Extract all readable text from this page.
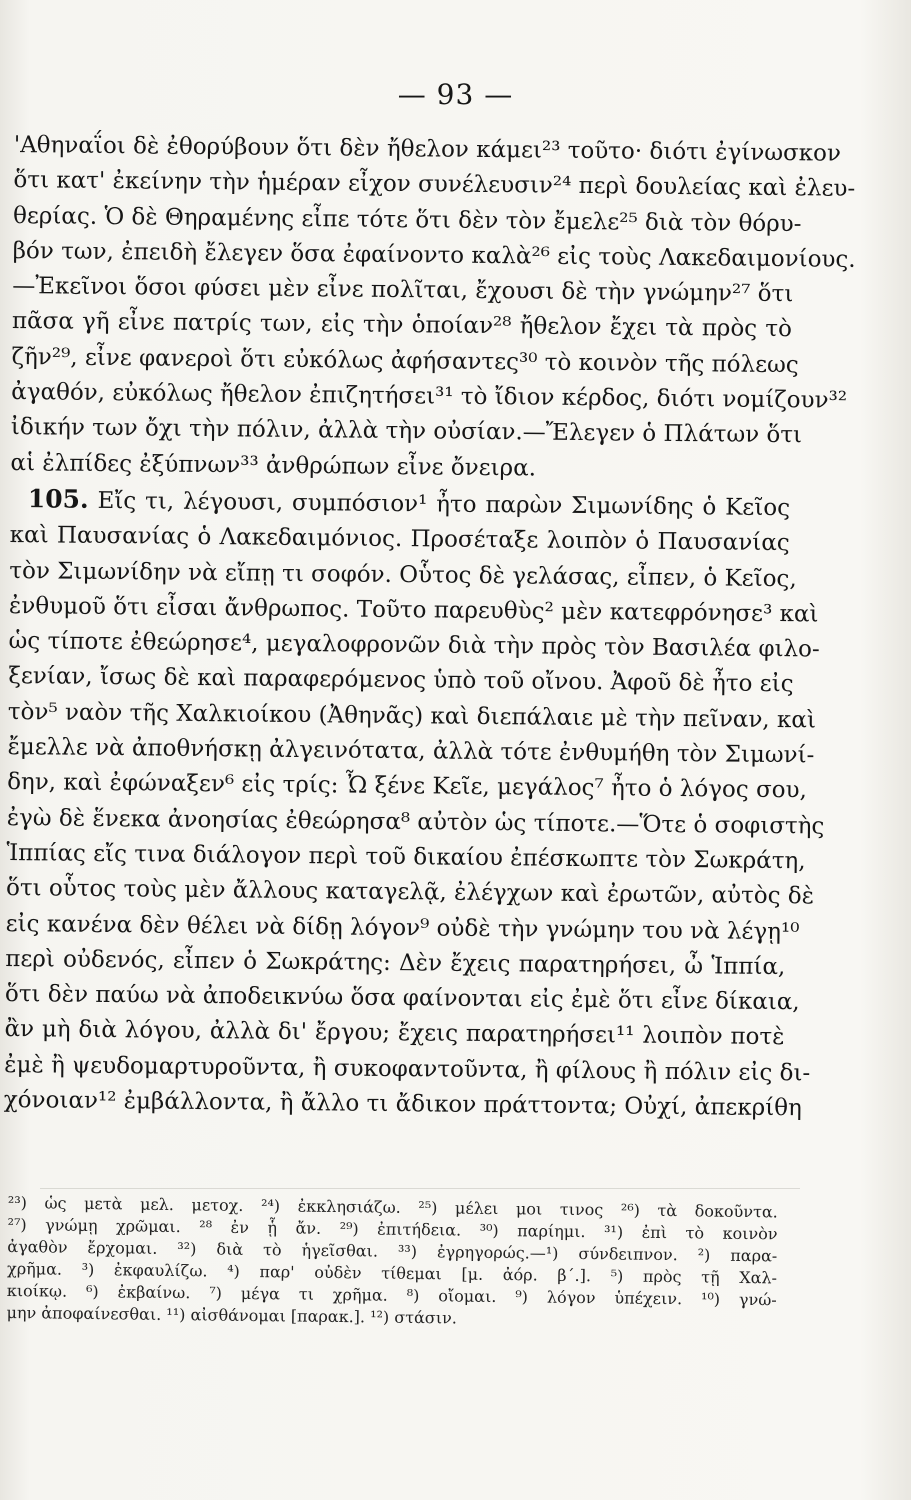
— 93 —
'Αθηναΐοι δὲ ἐθορύβουν ὅτι δὲν ἤθελον κάμει²³ τοῦτο· διότι ἐγίνωσκον
ὅτι κατ' ἐκείνην τὴν ἡμέραν εἶχον συνέλευσιν²⁴ περὶ δουλείας καὶ ἐλευ-
θερίας. Ὁ δὲ Θηραμένης εἶπε τότε ὅτι δὲν τὸν ἔμελε²⁵ διὰ τὸν θόρυ-
βόν των, ἐπειδὴ ἔλεγεν ὅσα ἐφαίνοντο καλὰ²⁶ εἰς τοὺς Λακεδαιμονίους.
—Ἐκεῖνοι ὅσοι φύσει μὲν εἶνε πολῖται, ἔχουσι δὲ τὴν γνώμην²⁷ ὅτι
πᾶσα γῆ εἶνε πατρίς των, εἰς τὴν ὁποίαν²⁸ ἤθελον ἔχει τὰ πρὸς τὸ
ζῆν²⁹, εἶνε φανεροὶ ὅτι εὐκόλως ἀφήσαντες³⁰ τὸ κοινὸν τῆς πόλεως
ἀγαθόν, εὐκόλως ἤθελον ἐπιζητήσει³¹ τὸ ἴδιον κέρδος, διότι νομίζουν³²
ἰδικήν των ὄχι τὴν πόλιν, ἀλλὰ τὴν οὐσίαν.—Ἔλεγεν ὁ Πλάτων ὅτι
αἱ ἐλπίδες ἐξύπνων³³ ἀνθρώπων εἶνε ὄνειρα.
105. Εἴς τι, λέγουσι, συμπόσιον¹ ἦτο παρὼν Σιμωνίδης ὁ Κεῖος
καὶ Παυσανίας ὁ Λακεδαιμόνιος. Προσέταξε λοιπὸν ὁ Παυσανίας
τὸν Σιμωνίδην νὰ εἴπῃ τι σοφόν. Οὗτος δὲ γελάσας, εἶπεν, ὁ Κεῖος,
ἐνθυμοῦ ὅτι εἶσαι ἄνθρωπος. Τοῦτο παρευθὺς² μὲν κατεφρόνησε³ καὶ
ὡς τίποτε ἐθεώρησε⁴, μεγαλοφρονῶν διὰ τὴν πρὸς τὸν Βασιλέα φιλο-
ξενίαν, ἴσως δὲ καὶ παραφερόμενος ὑπὸ τοῦ οἴνου. Ἀφοῦ δὲ ἦτο εἰς
τὸν⁵ ναὸν τῆς Χαλκιοίκου (Ἀθηνᾶς) καὶ διεπάλαιε μὲ τὴν πεῖναν, καὶ
ἔμελλε νὰ ἀποθνήσκῃ ἀλγεινότατα, ἀλλὰ τότε ἐνθυμήθη τὸν Σιμωνί-
δην, καὶ ἐφώναξεν⁶ εἰς τρίς: Ὦ ξένε Κεῖε, μεγάλος⁷ ἦτο ὁ λόγος σου,
ἐγὼ δὲ ἕνεκα ἀνοησίας ἐθεώρησα⁸ αὐτὸν ὡς τίποτε.—Ὅτε ὁ σοφιστὴς
Ἱππίας εἴς τινα διάλογον περὶ τοῦ δικαίου ἐπέσκωπτε τὸν Σωκράτη,
ὅτι οὗτος τοὺς μὲν ἄλλους καταγελᾷ, ἐλέγχων καὶ ἐρωτῶν, αὐτὸς δὲ
εἰς κανένα δὲν θέλει νὰ δίδῃ λόγον⁹ οὐδὲ τὴν γνώμην του νὰ λέγῃ¹⁰
περὶ οὐδενός, εἶπεν ὁ Σωκράτης: Δὲν ἔχεις παρατηρήσει, ὦ Ἱππία,
ὅτι δὲν παύω νὰ ἀποδεικνύω ὅσα φαίνονται εἰς ἐμὲ ὅτι εἶνε δίκαια,
ἂν μὴ διὰ λόγου, ἀλλὰ δι' ἔργου; ἔχεις παρατηρήσει¹¹ λοιπὸν ποτὲ
ἐμὲ ἢ ψευδομαρτυροῦντα, ἢ συκοφαντοῦντα, ἢ φίλους ἢ πόλιν εἰς δι-
χόνοιαν¹² ἐμβάλλοντα, ἢ ἄλλο τι ἄδικον πράττοντα; Οὐχί, ἀπεκρίθη
²³) ὡς μετὰ μελ. μετοχ. ²⁴) ἐκκλησιάζω. ²⁵) μέλει μοι τινος ²⁶) τὰ δοκοῦντα.
²⁷) γνώμῃ χρῶμαι. ²⁸ ἐν ᾗ ἄν. ²⁹) ἐπιτήδεια. ³⁰) παρίημι. ³¹) ἐπὶ τὸ κοινὸν
ἀγαθὸν ἔρχομαι. ³²) διὰ τὸ ἡγεῖσθαι. ³³) ἐγρηγορώς.—¹) σύνδειπνον. ²) παρα-
χρῆμα. ³) ἐκφαυλίζω. ⁴) παρ' οὐδὲν τίθεμαι [μ. ἀόρ. β΄.]. ⁵) πρὸς τῇ Χαλ-
κιοίκῳ. ⁶) ἐκβαίνω. ⁷) μέγα τι χρῆμα. ⁸) οἴομαι. ⁹) λόγον ὑπέχειν. ¹⁰) γνώ-
μην ἀποφαίνεσθαι. ¹¹) αἰσθάνομαι [παρακ.]. ¹²) στάσιν.
